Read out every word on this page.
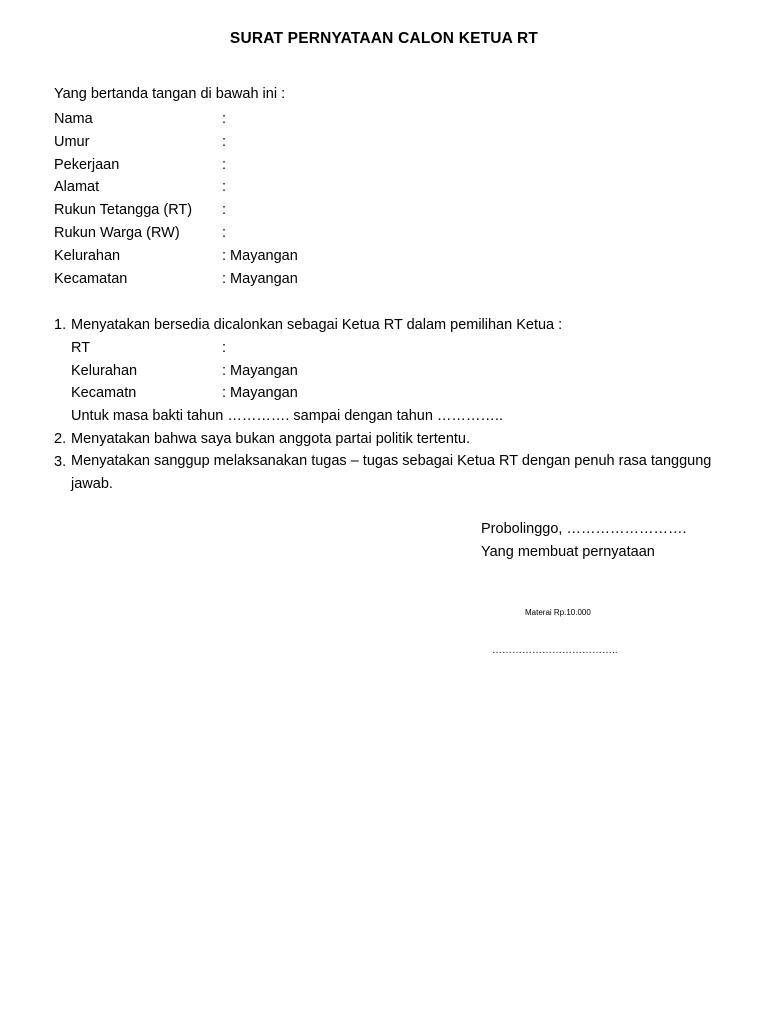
SURAT PERNYATAAN CALON KETUA RT
Yang bertanda tangan di bawah ini :
Nama	:
Umur	:
Pekerjaan	:
Alamat	:
Rukun Tetangga (RT) :
Rukun Warga (RW)	:
Kelurahan	: Mayangan
Kecamatan	: Mayangan
1. Menyatakan bersedia dicalonkan sebagai Ketua RT dalam pemilihan Ketua :
RT	:
Kelurahan	: Mayangan
Kecamatn	: Mayangan
Untuk masa bakti tahun …………. sampai dengan tahun …………..
2. Menyatakan bahwa saya bukan anggota partai politik tertentu.
3. Menyatakan sanggup melaksanakan tugas – tugas sebagai Ketua RT dengan penuh rasa tanggung jawab.
Probolinggo, …………………….
Yang membuat pernyataan
Materai Rp.10.000
………………………………..
